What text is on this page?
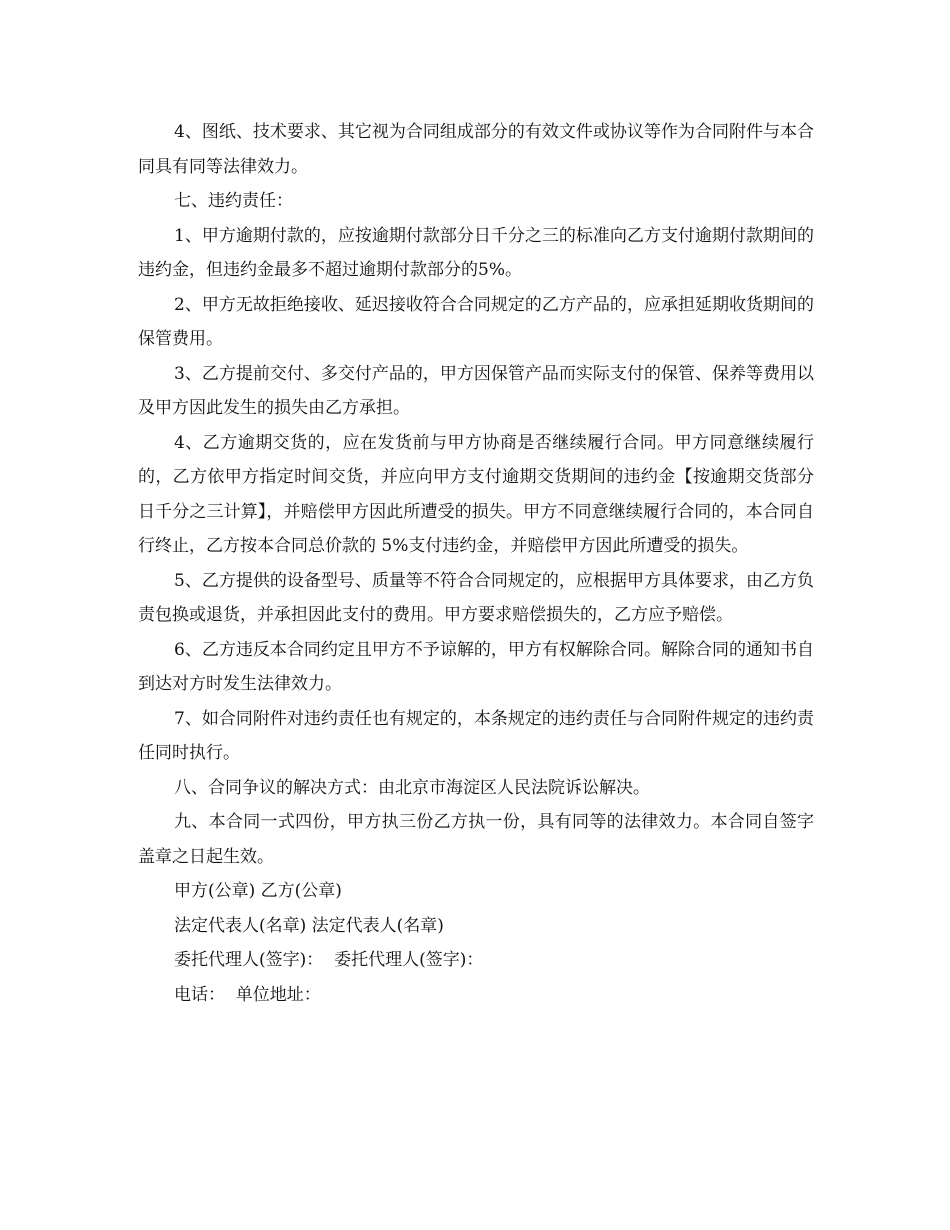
4、图纸、技术要求、其它视为合同组成部分的有效文件或协议等作为合同附件与本合同具有同等法律效力。

七、违约责任：

1、甲方逾期付款的，应按逾期付款部分日千分之三的标准向乙方支付逾期付款期间的违约金，但违约金最多不超过逾期付款部分的5%。

2、甲方无故拒绝接收、延迟接收符合合同规定的乙方产品的，应承担延期收货期间的保管费用。

3、乙方提前交付、多交付产品的，甲方因保管产品而实际支付的保管、保养等费用以及甲方因此发生的损失由乙方承担。

4、乙方逾期交货的，应在发货前与甲方协商是否继续履行合同。甲方同意继续履行的，乙方依甲方指定时间交货，并应向甲方支付逾期交货期间的违约金【按逾期交货部分日千分之三计算】，并赔偿甲方因此所遭受的损失。甲方不同意继续履行合同的，本合同自行终止，乙方按本合同总价款的 5%支付违约金，并赔偿甲方因此所遭受的损失。

5、乙方提供的设备型号、质量等不符合合同规定的，应根据甲方具体要求，由乙方负责包换或退货，并承担因此支付的费用。甲方要求赔偿损失的，乙方应予赔偿。

6、乙方违反本合同约定且甲方不予谅解的，甲方有权解除合同。解除合同的通知书自到达对方时发生法律效力。

7、如合同附件对违约责任也有规定的，本条规定的违约责任与合同附件规定的违约责任同时执行。

八、合同争议的解决方式：由北京市海淀区人民法院诉讼解决。

九、本合同一式四份，甲方执三份乙方执一份，具有同等的法律效力。本合同自签字盖章之日起生效。

甲方(公章) 乙方(公章)
法定代表人(名章) 法定代表人(名章)
委托代理人(签字)：  委托代理人(签字)：
电话：  单位地址：
